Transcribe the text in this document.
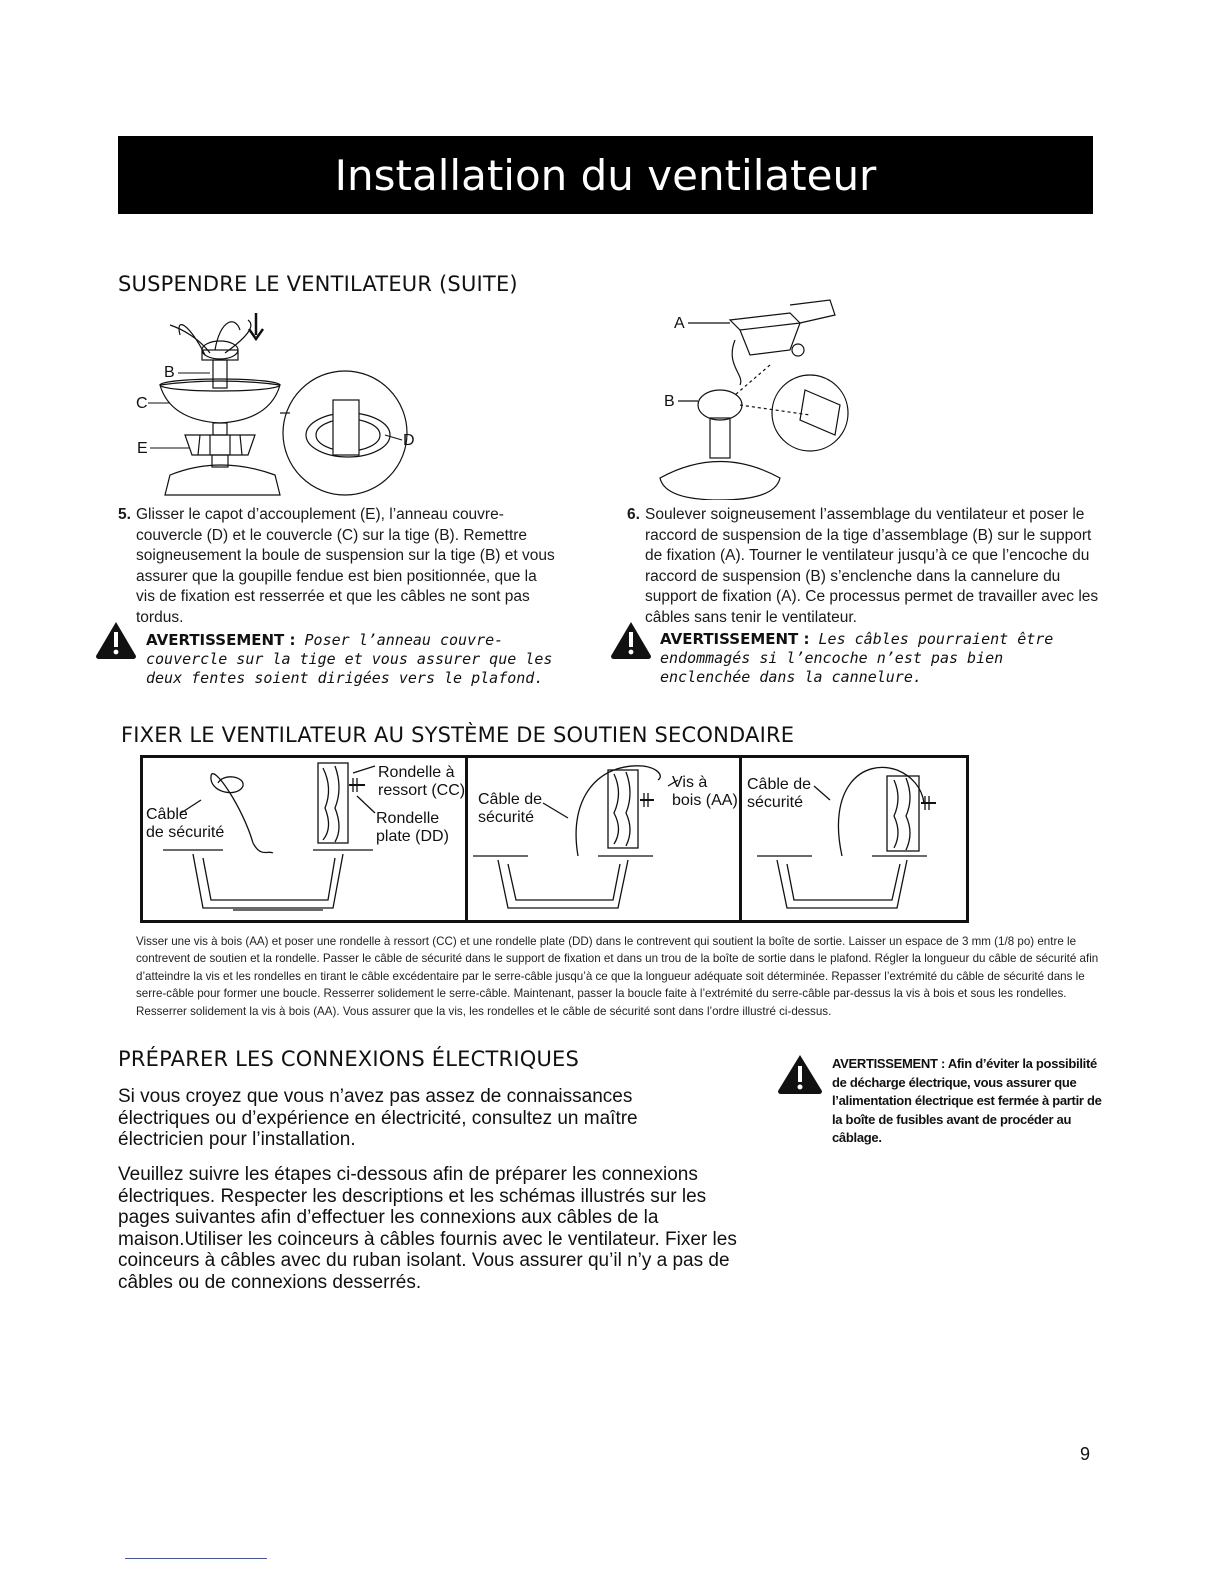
Installation du ventilateur
SUSPENDRE LE VENTILATEUR (SUITE)
B
C
D
E
A
B
5. Glisser le capot d’accouplement (E), l’anneau couvre-couvercle (D) et le couvercle (C) sur la tige (B). Remettre soigneusement la boule de suspension sur la tige (B) et vous assurer que la goupille fendue est bien positionnée, que la vis de fixation est resserrée et que les câbles ne sont pas tordus.
AVERTISSEMENT : Poser l’anneau couvre-couvercle sur la tige et vous assurer que les deux fentes soient dirigées vers le plafond.
6. Soulever soigneusement l’assemblage du ventilateur et poser le raccord de suspension de la tige d’assemblage (B) sur le support de fixation (A). Tourner le ventilateur jusqu’à ce que l’encoche du raccord de suspension (B) s’enclenche dans la cannelure du support de fixation (A). Ce processus permet de travailler avec les câbles sans tenir le ventilateur.
AVERTISSEMENT : Les câbles pourraient être endommagés si l’encoche n’est pas bien enclenchée dans la cannelure.
FIXER LE VENTILATEUR AU SYSTÈME DE SOUTIEN SECONDAIRE
Câble
de sécurité
Rondelle à
ressort (CC)
Rondelle
plate (DD)
Câble de
sécurité
Vis à
bois (AA)
Câble de
sécurité
Visser une vis à bois (AA) et poser une rondelle à ressort (CC) et une rondelle plate (DD) dans le contrevent qui soutient la boîte de sortie. Laisser un espace de 3 mm (1/8 po) entre le contrevent de soutien et la rondelle. Passer le câble de sécurité dans le support de fixation et dans un trou de la boîte de sortie dans le plafond. Régler la longueur du câble de sécurité afin d’atteindre la vis et les rondelles en tirant le câble excédentaire par le serre-câble jusqu’à ce que la longueur adéquate soit déterminée. Repasser l’extrémité du câble de sécurité dans le serre-câble pour former une boucle. Resserrer solidement le serre-câble. Maintenant, passer la boucle faite à l’extrémité du serre-câble par-dessus la vis à bois et sous les rondelles. Resserrer solidement la vis à bois (AA). Vous assurer que la vis, les rondelles et le câble de sécurité sont dans l’ordre illustré ci-dessus.
PRÉPARER LES CONNEXIONS ÉLECTRIQUES
Si vous croyez que vous n’avez pas assez de connaissances électriques ou d’expérience en électricité, consultez un maître électricien pour l’installation.
Veuillez suivre les étapes ci-dessous afin de préparer les connexions électriques. Respecter les descriptions et les schémas illustrés sur les pages suivantes afin d’effectuer les connexions aux câbles de la maison.Utiliser les coinceurs à câbles fournis avec le ventilateur. Fixer les coinceurs à câbles avec du ruban isolant. Vous assurer qu’il n’y a pas de câbles ou de connexions desserrés.
AVERTISSEMENT : Afin d’éviter la possibilité de décharge électrique, vous assurer que l’alimentation électrique est fermée à partir de la boîte de fusibles avant de procéder au câblage.
9
